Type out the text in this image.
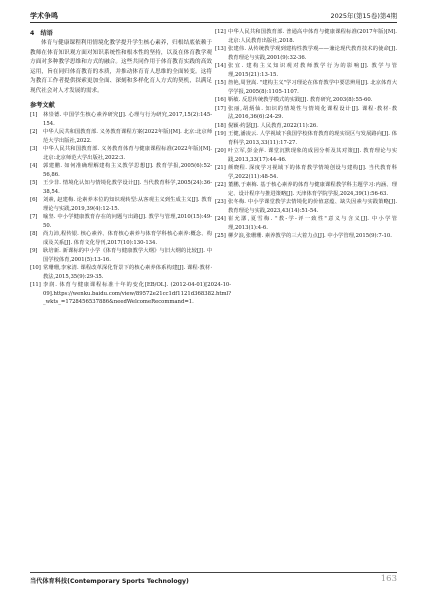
学术争鸣	2025年(第15卷)第4期
4　结语

体育与健康课程利用情境化教学提升学生核心素养，归根结底依赖于教师在体育知识观方面对知识系统性和根本性的坚持，以及在体育教学观方面对多种教学思维和方式的融合。这些共同作用于体育教育实践的高效运用，旨在同归体育教育的本质，并推动体育育人思维的全面转变。这将为教育工作者提供探索更加全面、深刻和多样化育人方式的契机，以满足现代社会对人才发展的需求。

参考文献
[1]	林崇德. 中国学生核心素养研究[J]. 心理与行为研究,2017,15(2):145-154.
[2]	中华人民共和国教育部. 义务教育课程方案(2022年版)[M]. 北京:北京师范大学出版社,2022.
[3]	中华人民共和国教育部. 义务教育体育与健康课程标准(2022年版)[M]. 北京:北京师范大学出版社,2022:3.
[4]	郭建鹏. 如何准确理解建构主义教学思想[J]. 教育学报,2005(6):52-56,86.
[5]	王少非. 情境化认知与情境化教学设计[J]. 当代教育科学,2005(24):36-38,54.
[6]	刘素, 赵建梅. 论素养本位的知识观转型:从客观主义到生成主义[J]. 教育理论与实践,2019,39(4):12-15.
[7]	喻坚. 中小学健康教育存在的问题与出路[J]. 教学与管理,2010(15):49-50.
[8]	尚力沛,程传银. 核心素养、体育核心素养与体育学科核心素养:概念、构成及关系[J]. 体育文化导刊,2017(10):130-134.
[9]	耿培新. 新课标的中小学《体育与健康教学大纲》与旧大纲的比较[J]. 中国学校体育,2001(5):13-16.
[10] 常珊珊,李家清. 课程改革深化背景下的核心素养体系构建[J]. 课程·教材·教法,2015,35(9):29-35.
[11] 李润. 体育与健康课程标准十年的变化[EB/OL]. (2012-04-01)[2024-10-09].https://wenku.baidu.com/view/89572e21cc1df1121d368382.html?_wkts_=1728456537886&needWelcomeRecommand=1.
[12] 中华人民共和国教育部. 普通高中体育与健康课程标准(2017年版)[M]. 北京:人民教育出版社,2018.
[13] 张建伟. 从传统教学观到建构性教学观——兼论现代教育技术的使命[J]. 教育理论与实践,2001(9):32-36.
[14] 张宜. 建构主义知识观对教师教学行为的影响[J]. 教学与管理,2015(21):13-15.
[15] 詹艳,周登嵩. "建构主义"学习理论在体育教学中要思辨用[J]. 北京体育大学学报,2005(8):1105-1107.
[16] 靳敏. 反思传统教学模式的实践[J]. 教育研究,2003(8):55-60.
[17] 张丽,胡炳仙. 知识的情境性与情境化课程设计[J]. 课程·教材·教法,2016,36(6):24-29.
[18] 倪颖·约瑟[J]. 人民教育,2022(11):26.
[19] 王健,潘凌云. 人学视域下我国学校体育教育的现实误区与发展路向[J]. 体育科学,2013,33(11):17-27.
[20] 叶立军,彭金萍. 课堂沉默现象的成因分析及其对策[J]. 教育理论与实践,2013,33(17):44-46.
[21] 颜晓程. 深度学习视域下的体育教学情境创设与建构[J]. 当代教育科学,2022(11):48-54.
[22] 董鹏,于素梅. 基于核心素养的体育与健康课程教学科主题学习:内涵、理定、设计程序与推进策略[J]. 天津体育学院学报,2024,39(1):56-63.
[23] 张冬梅. 中小学课堂教学去情境化的价值意蕴、缺失因素与实践策略[J]. 教育理论与实践,2023,43(14):51-54.
[24] 崔允漷,夏雪梅. "教-学-评一致性"意义与含义[J]. 中小学管理,2013(1):4-6.
[25] 柳夕浪,张珊珊. 素养教学的三大着力点[J]. 中小学管理,2015(9):7-10.
当代体育科技(Contemporary Sports Technology)	163
